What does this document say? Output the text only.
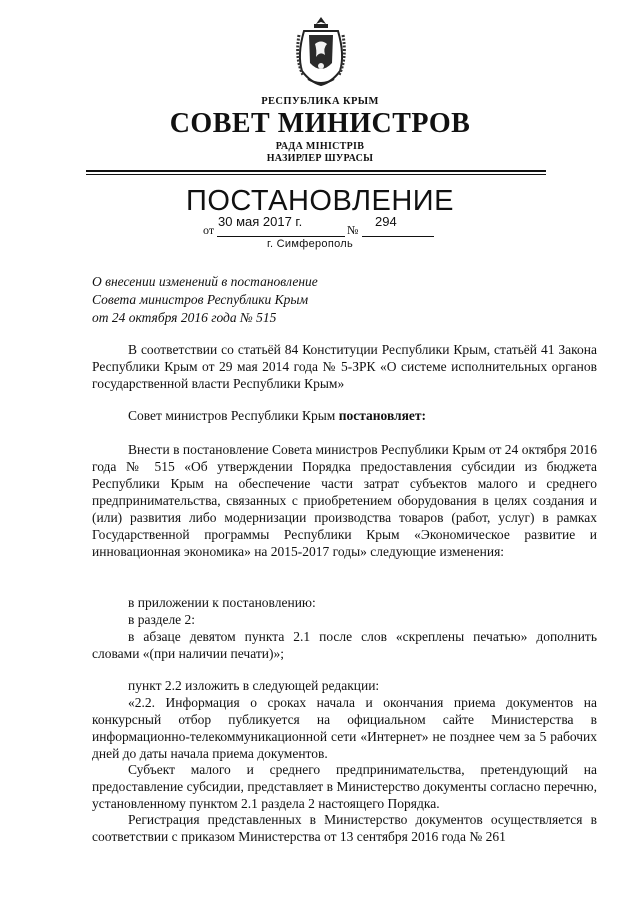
РЕСПУБЛИКА КРЫМ
СОВЕТ МИНИСТРОВ
РАДА МІНІСТРІВ
НАЗИРЛЕР ШУРАСЫ
ПОСТАНОВЛЕНИЕ
от
30 мая 2017 г.
№
294
г. Симферополь
О внесении изменений в постановление
Совета министров Республики Крым
от 24 октября 2016 года № 515
В соответствии со статьёй 84 Конституции Республики Крым, статьёй 41 Закона Республики Крым от 29 мая 2014 года № 5-ЗРК «О системе исполнительных органов государственной власти Республики Крым»
Совет министров Республики Крым постановляет:
Внести в постановление Совета министров Республики Крым от 24 октября 2016 года № 515 «Об утверждении Порядка предоставления субсидии из бюджета Республики Крым на обеспечение части затрат субъектов малого и среднего предпринимательства, связанных с приобретением оборудования в целях создания и (или) развития либо модернизации производства товаров (работ, услуг) в рамках Государственной программы Республики Крым «Экономическое развитие и инновационная экономика» на 2015-2017 годы» следующие изменения:
в приложении к постановлению:
в разделе 2:
в абзаце девятом пункта 2.1 после слов «скреплены печатью» дополнить словами «(при наличии печати)»;
пункт 2.2 изложить в следующей редакции:
«2.2. Информация о сроках начала и окончания приема документов на конкурсный отбор публикуется на официальном сайте Министерства в информационно-телекоммуникационной сети «Интернет» не позднее чем за 5 рабочих дней до даты начала приема документов.
Субъект малого и среднего предпринимательства, претендующий на предоставление субсидии, представляет в Министерство документы согласно перечню, установленному пунктом 2.1 раздела 2 настоящего Порядка.
Регистрация представленных в Министерство документов осуществляется в соответствии с приказом Министерства от 13 сентября 2016 года № 261
